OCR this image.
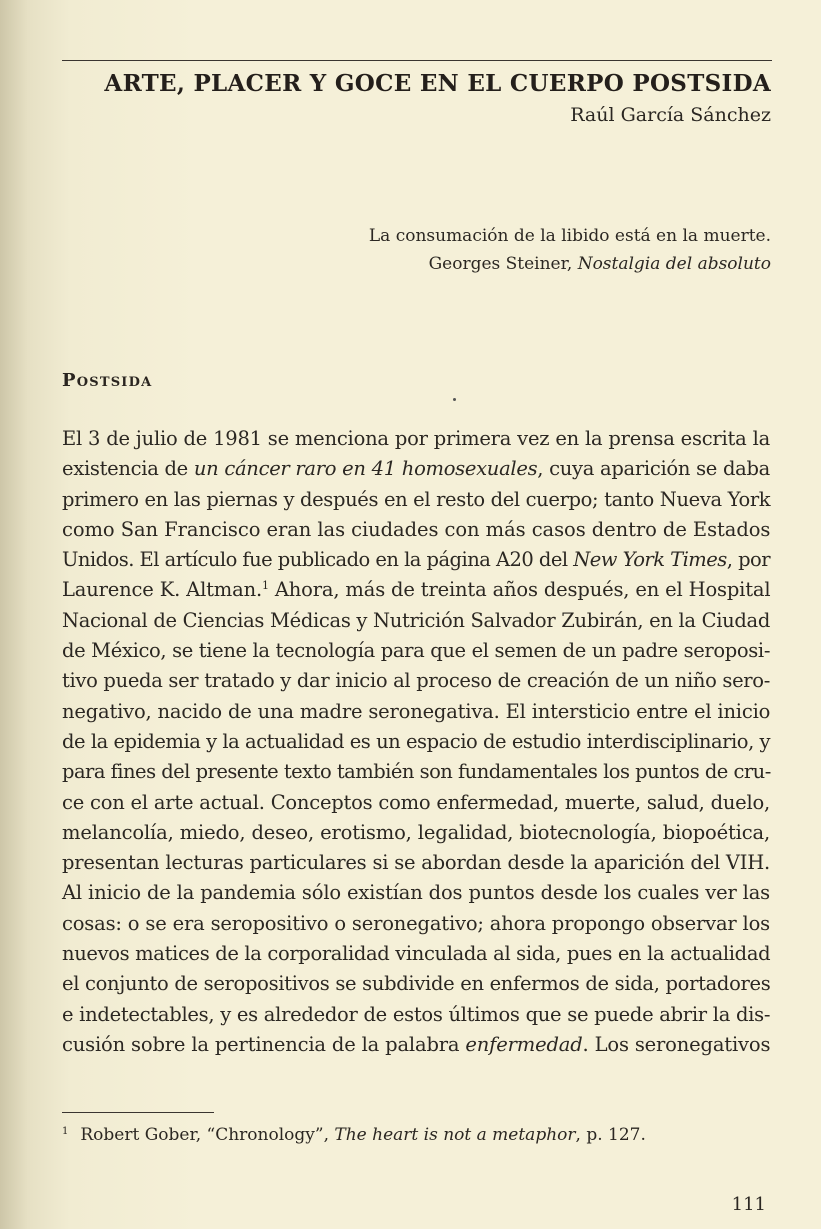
ARTE, PLACER Y GOCE EN EL CUERPO POSTSIDA
Raúl García Sánchez
La consumación de la libido está en la muerte.
Georges Steiner, Nostalgia del absoluto
Postsida
El 3 de julio de 1981 se menciona por primera vez en la prensa escrita la
existencia de un cáncer raro en 41 homosexuales, cuya aparición se daba
primero en las piernas y después en el resto del cuerpo; tanto Nueva York
como San Francisco eran las ciudades con más casos dentro de Estados
Unidos. El artículo fue publicado en la página A20 del New York Times, por
Laurence K. Altman.$^1$ Ahora, más de treinta años después, en el Hospital
Nacional de Ciencias Médicas y Nutrición Salvador Zubirán, en la Ciudad
de México, se tiene la tecnología para que el semen de un padre seroposi-
tivo pueda ser tratado y dar inicio al proceso de creación de un niño sero-
negativo, nacido de una madre seronegativa. El intersticio entre el inicio
de la epidemia y la actualidad es un espacio de estudio interdisciplinario, y
para fines del presente texto también son fundamentales los puntos de cru-
ce con el arte actual. Conceptos como enfermedad, muerte, salud, duelo,
melancolía, miedo, deseo, erotismo, legalidad, biotecnología, biopoética,
presentan lecturas particulares si se abordan desde la aparición del VIH.
Al inicio de la pandemia sólo existían dos puntos desde los cuales ver las
cosas: o se era seropositivo o seronegativo; ahora propongo observar los
nuevos matices de la corporalidad vinculada al sida, pues en la actualidad
el conjunto de seropositivos se subdivide en enfermos de sida, portadores
e indetectables, y es alrededor de estos últimos que se puede abrir la dis-
cusión sobre la pertinencia de la palabra enfermedad. Los seronegativos
$^1$ Robert Gober, “Chronology”, The heart is not a metaphor, p. 127.
111
